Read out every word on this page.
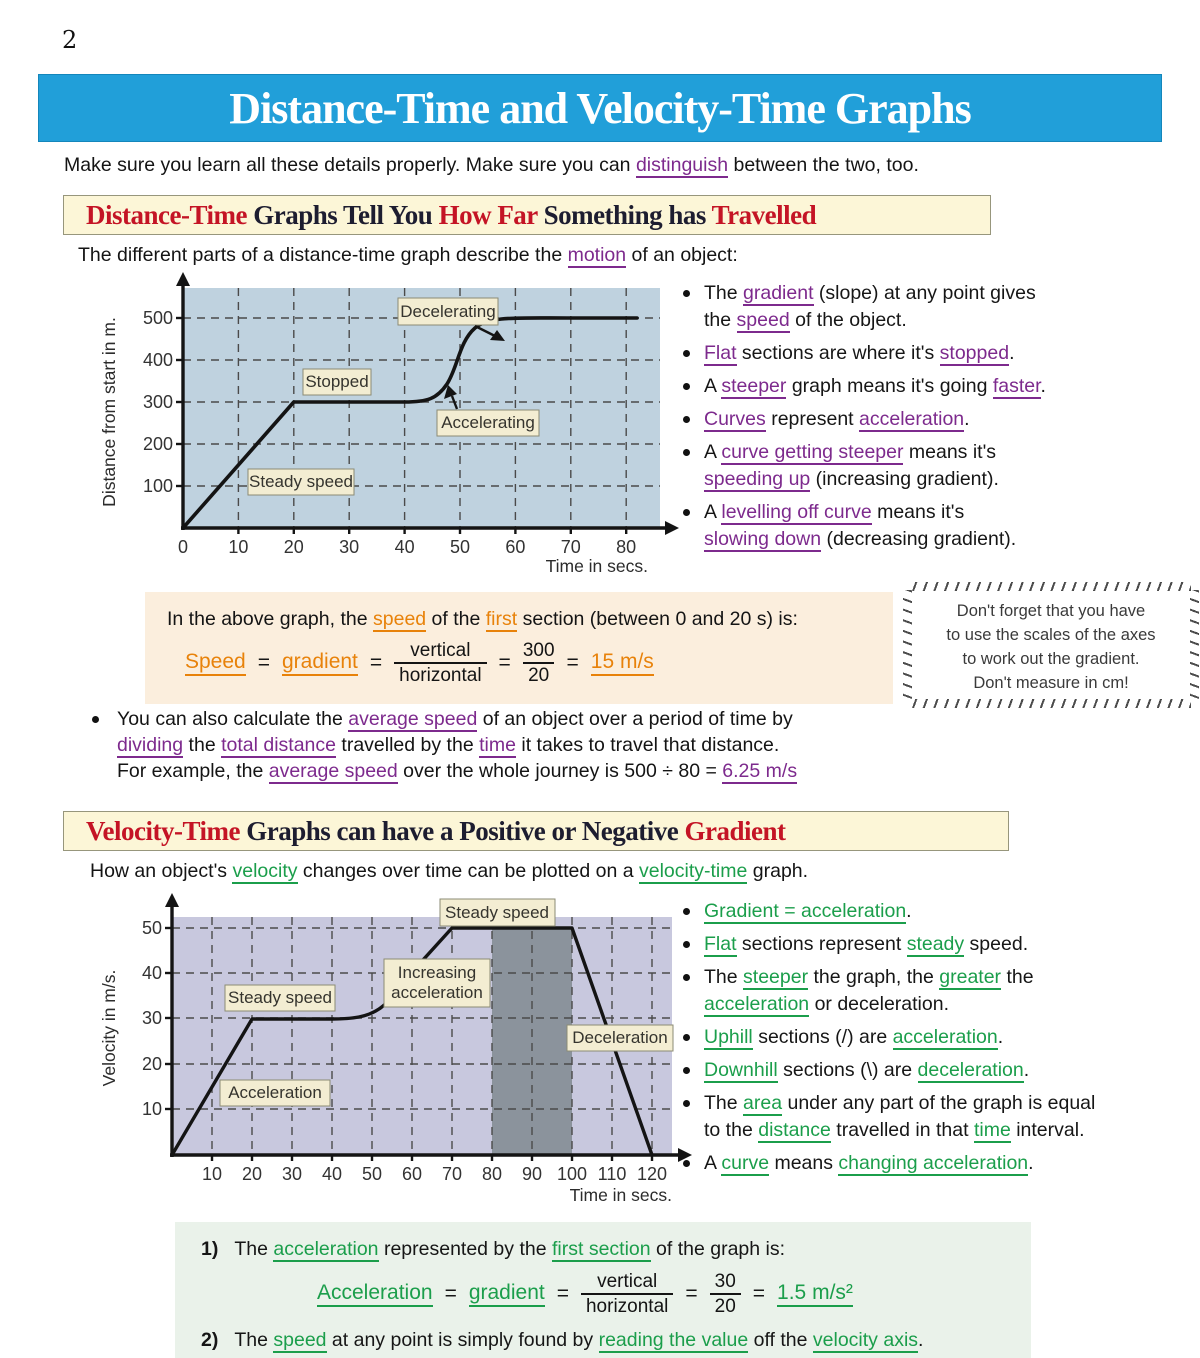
2
Distance-Time and Velocity-Time Graphs
Make sure you learn all these details properly. Make sure you can distinguish between the two, too.
Distance-Time Graphs Tell You How Far Something has Travelled
The different parts of a distance-time graph describe the motion of an object:
500
400
300
200
100
0 10 20 30 40 50 60 70 80
Distance from start in m.
Time in secs.
Decelerating
Stopped
Accelerating
Steady speed
The gradient (slope) at any point gives
the speed of the object.
Flat sections are where it's stopped.
A steeper graph means it's going faster.
Curves represent acceleration.
A curve getting steeper means it's
speeding up (increasing gradient).
A levelling off curve means it's
slowing down (decreasing gradient).
In the above graph, the speed of the first section (between 0 and 20 s) is:
Speed = gradient = $\frac{\text{vertical}}{\text{horizontal}} = \frac{300}{20} = 15$ m/s
Don't forget that you have
to use the scales of the axes
to work out the gradient.
Don't measure in cm!
You can also calculate the average speed of an object over a period of time by
dividing the total distance travelled by the time it takes to travel that distance.
For example, the average speed over the whole journey is 500 ÷ 80 = 6.25 m/s
Velocity-Time Graphs can have a Positive or Negative Gradient
How an object's velocity changes over time can be plotted on a velocity-time graph.
50
40
30
20
10
10 20 30 40 50 60 70 80 90 100 110 120
Velocity in m/s.
Time in secs.
Steady speed
Increasing
acceleration
Steady speed
Acceleration
Deceleration
Gradient = acceleration.
Flat sections represent steady speed.
The steeper the graph, the greater the
acceleration or deceleration.
Uphill sections (/) are acceleration.
Downhill sections (\) are deceleration.
The area under any part of the graph is equal
to the distance travelled in that time interval.
A curve means changing acceleration.
1) The acceleration represented by the first section of the graph is:
Acceleration = gradient = $\frac{\text{vertical}}{\text{horizontal}} = \frac{30}{20} = 1.5$ m/s²
2) The speed at any point is simply found by reading the value off the velocity axis.
